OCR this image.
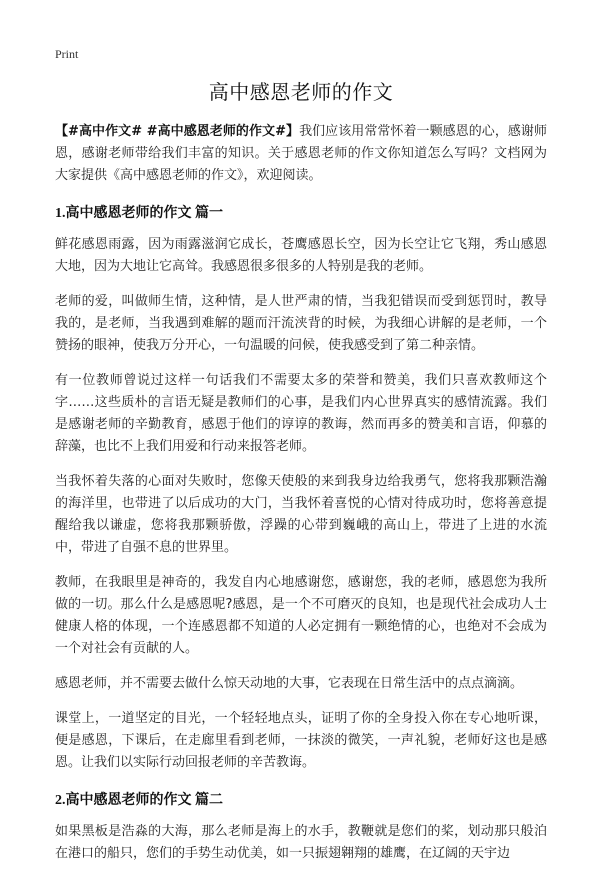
Print
高中感恩老师的作文

【#高中作文# #高中感恩老师的作文#】我们应该用常常怀着一颗感恩的心，感谢师恩，感谢老师带给我们丰富的知识。关于感恩老师的作文你知道怎么写吗？文档网为大家提供《高中感恩老师的作文》，欢迎阅读。

1.高中感恩老师的作文 篇一

鲜花感恩雨露，因为雨露滋润它成长，苍鹰感恩长空，因为长空让它飞翔，秀山感恩大地，因为大地让它高耸。我感恩很多很多的人特别是我的老师。

老师的爱，叫做师生情，这种情，是人世严肃的情，当我犯错误而受到惩罚时，教导我的，是老师，当我遇到难解的题而汗流浃背的时候，为我细心讲解的是老师，一个赞扬的眼神，使我万分开心，一句温暖的问候，使我感受到了第二种亲情。

有一位教师曾说过这样一句话我们不需要太多的荣誉和赞美，我们只喜欢教师这个字……这些质朴的言语无疑是教师们的心事，是我们内心世界真实的感情流露。我们是感谢老师的辛勤教育，感恩于他们的谆谆的教诲，然而再多的赞美和言语，仰慕的辞藻，也比不上我们用爱和行动来报答老师。

当我怀着失落的心面对失败时，您像天使般的来到我身边给我勇气，您将我那颗浩瀚的海洋里，也带进了以后成功的大门，当我怀着喜悦的心情对待成功时，您将善意提醒给我以谦虚，您将我那颗骄傲，浮躁的心带到巍峨的高山上，带进了上进的水流中，带进了自强不息的世界里。

教师，在我眼里是神奇的，我发自内心地感谢您，感谢您，我的老师，感恩您为我所做的一切。那么什么是感恩呢?感恩，是一个不可磨灭的良知，也是现代社会成功人士健康人格的体现，一个连感恩都不知道的人必定拥有一颗绝情的心，也绝对不会成为一个对社会有贡献的人。

感恩老师，并不需要去做什么惊天动地的大事，它表现在日常生活中的点点滴滴。

课堂上，一道坚定的目光，一个轻轻地点头，证明了你的全身投入你在专心地听课，便是感恩，下课后，在走廊里看到老师，一抹淡的微笑，一声礼貌，老师好这也是感恩。让我们以实际行动回报老师的辛苦教诲。

2.高中感恩老师的作文 篇二

如果黑板是浩淼的大海，那么老师是海上的水手，教鞭就是您们的桨，划动那只般泊在港口的船只，您们的手势生动优美，如一只振翅翱翔的雄鹰，在辽阔的天宇边
